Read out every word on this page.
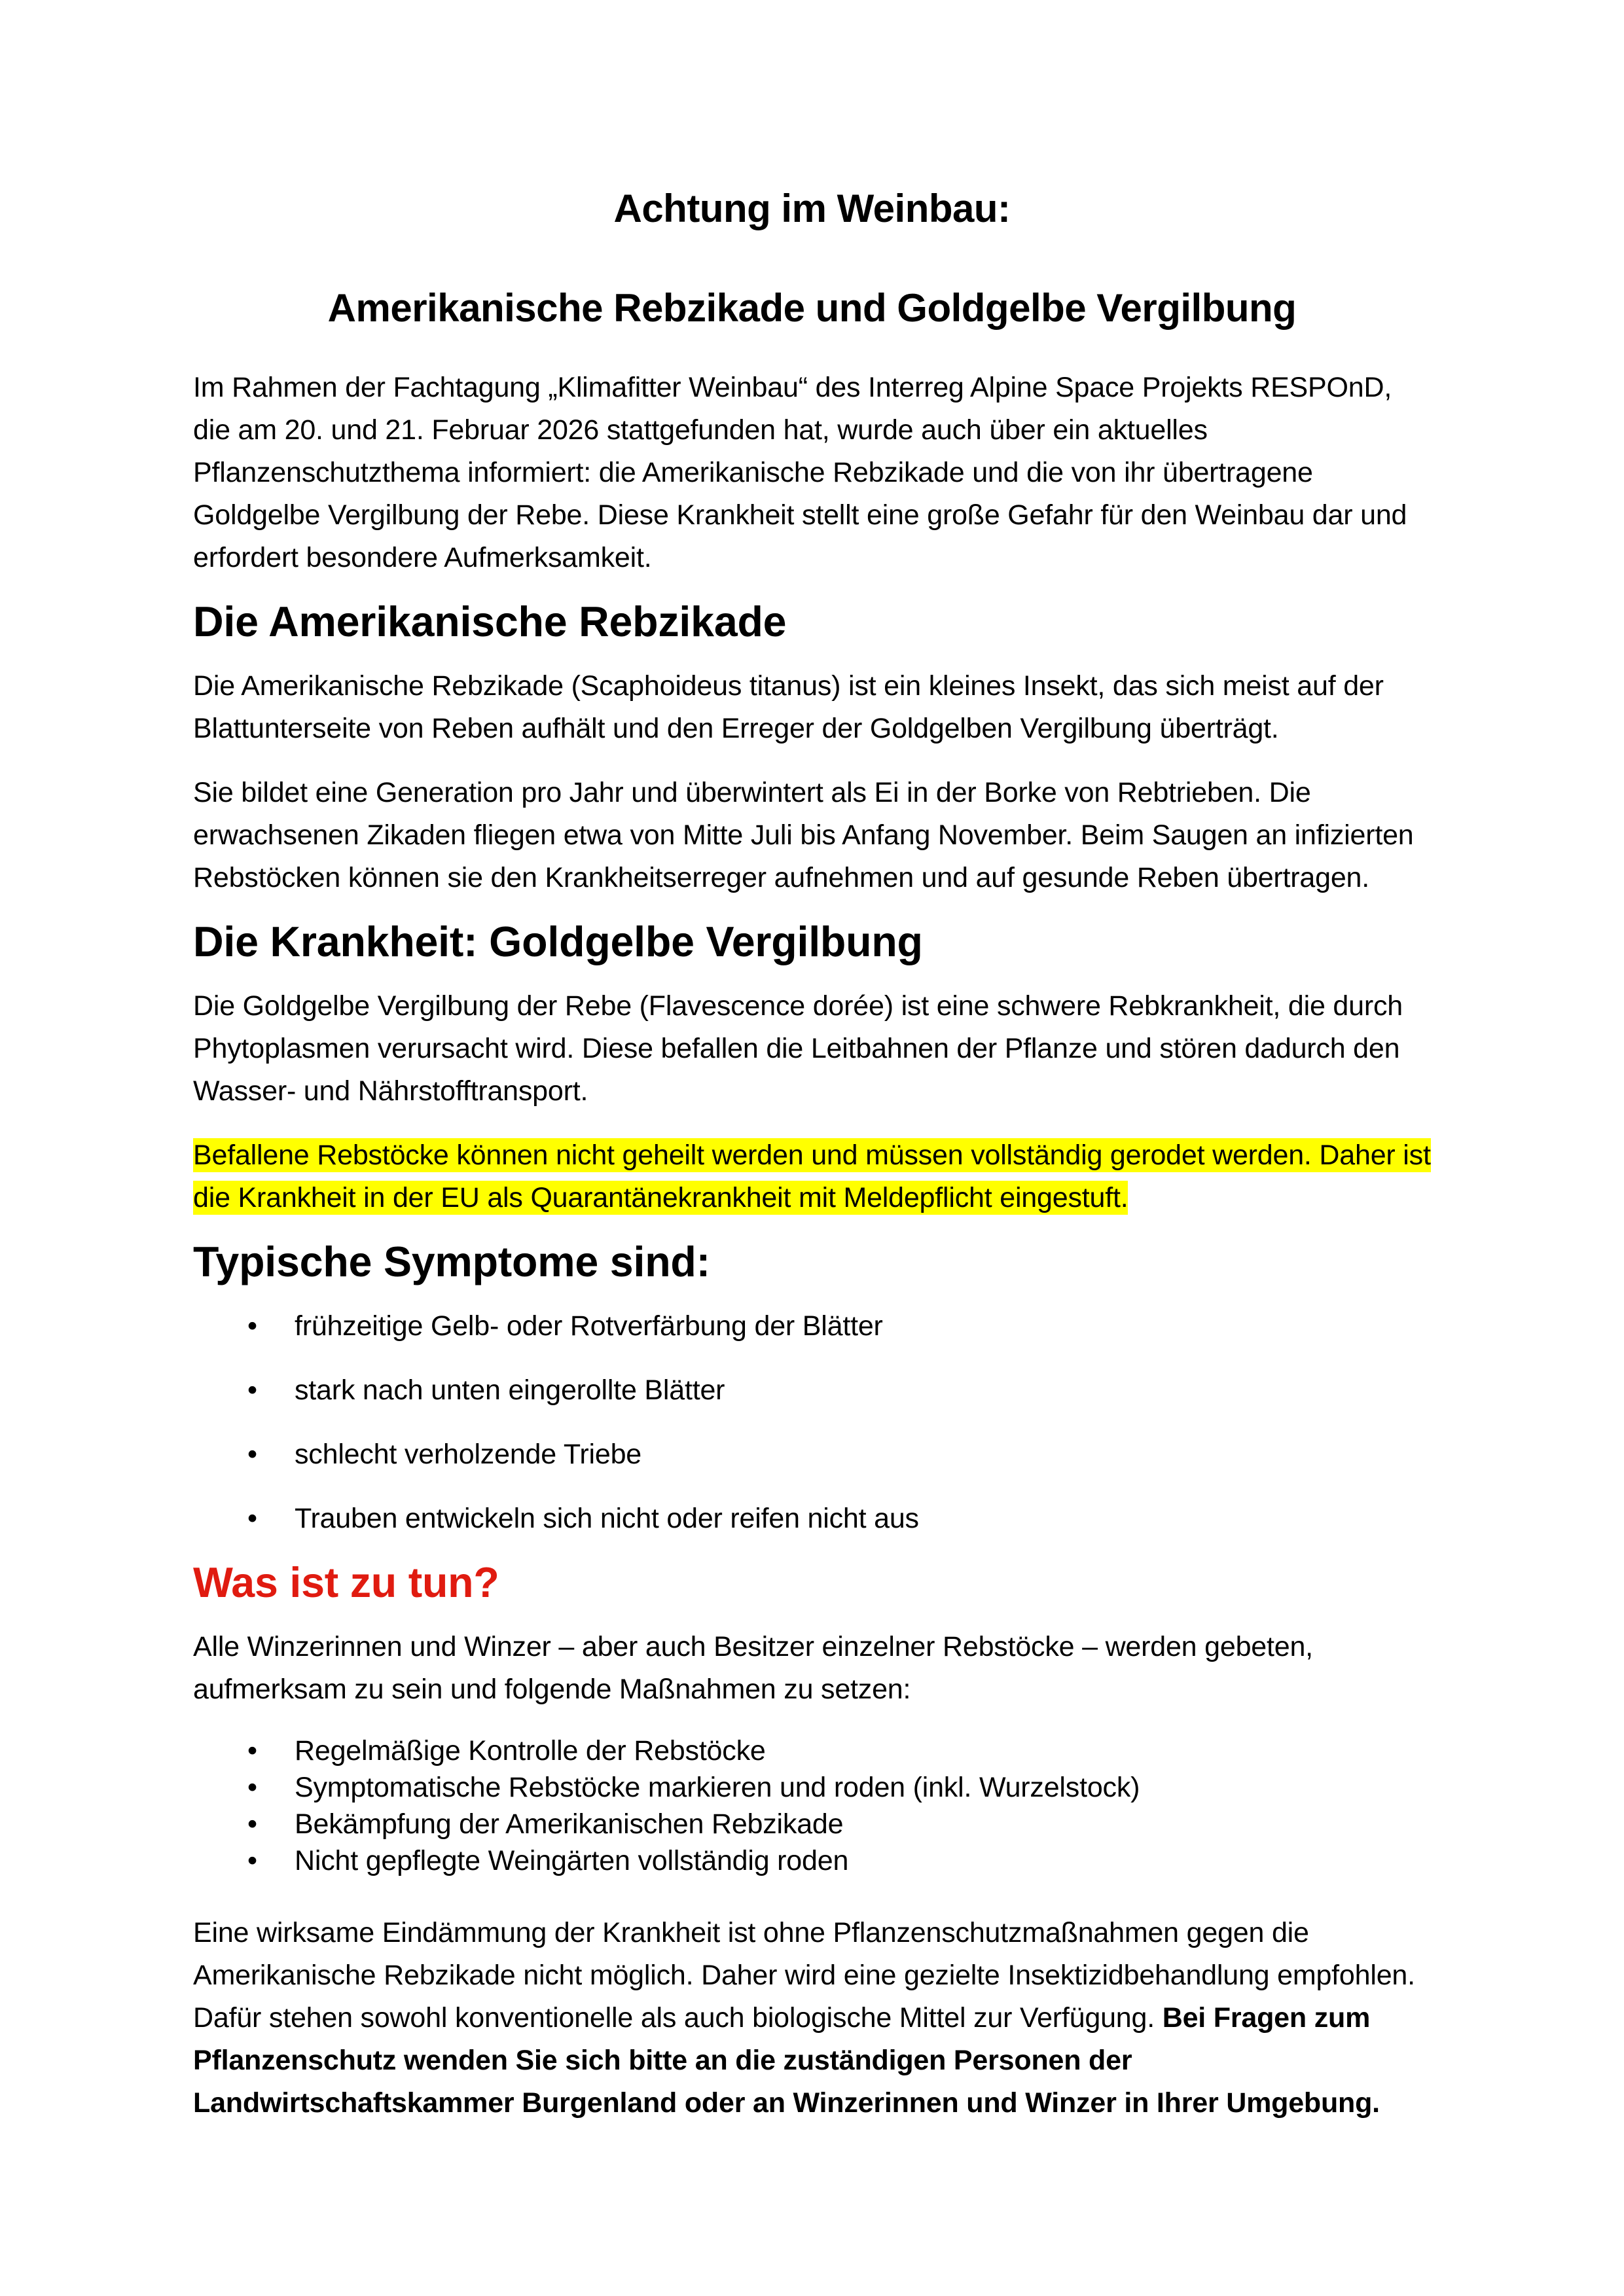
Achtung im Weinbau:
Amerikanische Rebzikade und Goldgelbe Vergilbung

Im Rahmen der Fachtagung „Klimafitter Weinbau“ des Interreg Alpine Space Projekts RESPOnD, die am 20. und 21. Februar 2026 stattgefunden hat, wurde auch über ein aktuelles Pflanzenschutzthema informiert: die Amerikanische Rebzikade und die von ihr übertragene Goldgelbe Vergilbung der Rebe. Diese Krankheit stellt eine große Gefahr für den Weinbau dar und erfordert besondere Aufmerksamkeit.

Die Amerikanische Rebzikade

Die Amerikanische Rebzikade (Scaphoideus titanus) ist ein kleines Insekt, das sich meist auf der Blattunterseite von Reben aufhält und den Erreger der Goldgelben Vergilbung überträgt.

Sie bildet eine Generation pro Jahr und überwintert als Ei in der Borke von Rebtrieben. Die erwachsenen Zikaden fliegen etwa von Mitte Juli bis Anfang November. Beim Saugen an infizierten Rebstöcken können sie den Krankheitserreger aufnehmen und auf gesunde Reben übertragen.

Die Krankheit: Goldgelbe Vergilbung

Die Goldgelbe Vergilbung der Rebe (Flavescence dorée) ist eine schwere Rebkrankheit, die durch Phytoplasmen verursacht wird. Diese befallen die Leitbahnen der Pflanze und stören dadurch den Wasser- und Nährstofftransport.

Befallene Rebstöcke können nicht geheilt werden und müssen vollständig gerodet werden. Daher ist die Krankheit in der EU als Quarantänekrankheit mit Meldepflicht eingestuft.

Typische Symptome sind:
• frühzeitige Gelb- oder Rotverfärbung der Blätter
• stark nach unten eingerollte Blätter
• schlecht verholzende Triebe
• Trauben entwickeln sich nicht oder reifen nicht aus
Was ist zu tun?

Alle Winzerinnen und Winzer – aber auch Besitzer einzelner Rebstöcke – werden gebeten, aufmerksam zu sein und folgende Maßnahmen zu setzen:

• Regelmäßige Kontrolle der Rebstöcke
• Symptomatische Rebstöcke markieren und roden (inkl. Wurzelstock)
• Bekämpfung der Amerikanischen Rebzikade
• Nicht gepflegte Weingärten vollständig roden

Eine wirksame Eindämmung der Krankheit ist ohne Pflanzenschutzmaßnahmen gegen die Amerikanische Rebzikade nicht möglich. Daher wird eine gezielte Insektizidbehandlung empfohlen. Dafür stehen sowohl konventionelle als auch biologische Mittel zur Verfügung. Bei Fragen zum Pflanzenschutz wenden Sie sich bitte an die zuständigen Personen der Landwirtschaftskammer Burgenland oder an Winzerinnen und Winzer in Ihrer Umgebung.
